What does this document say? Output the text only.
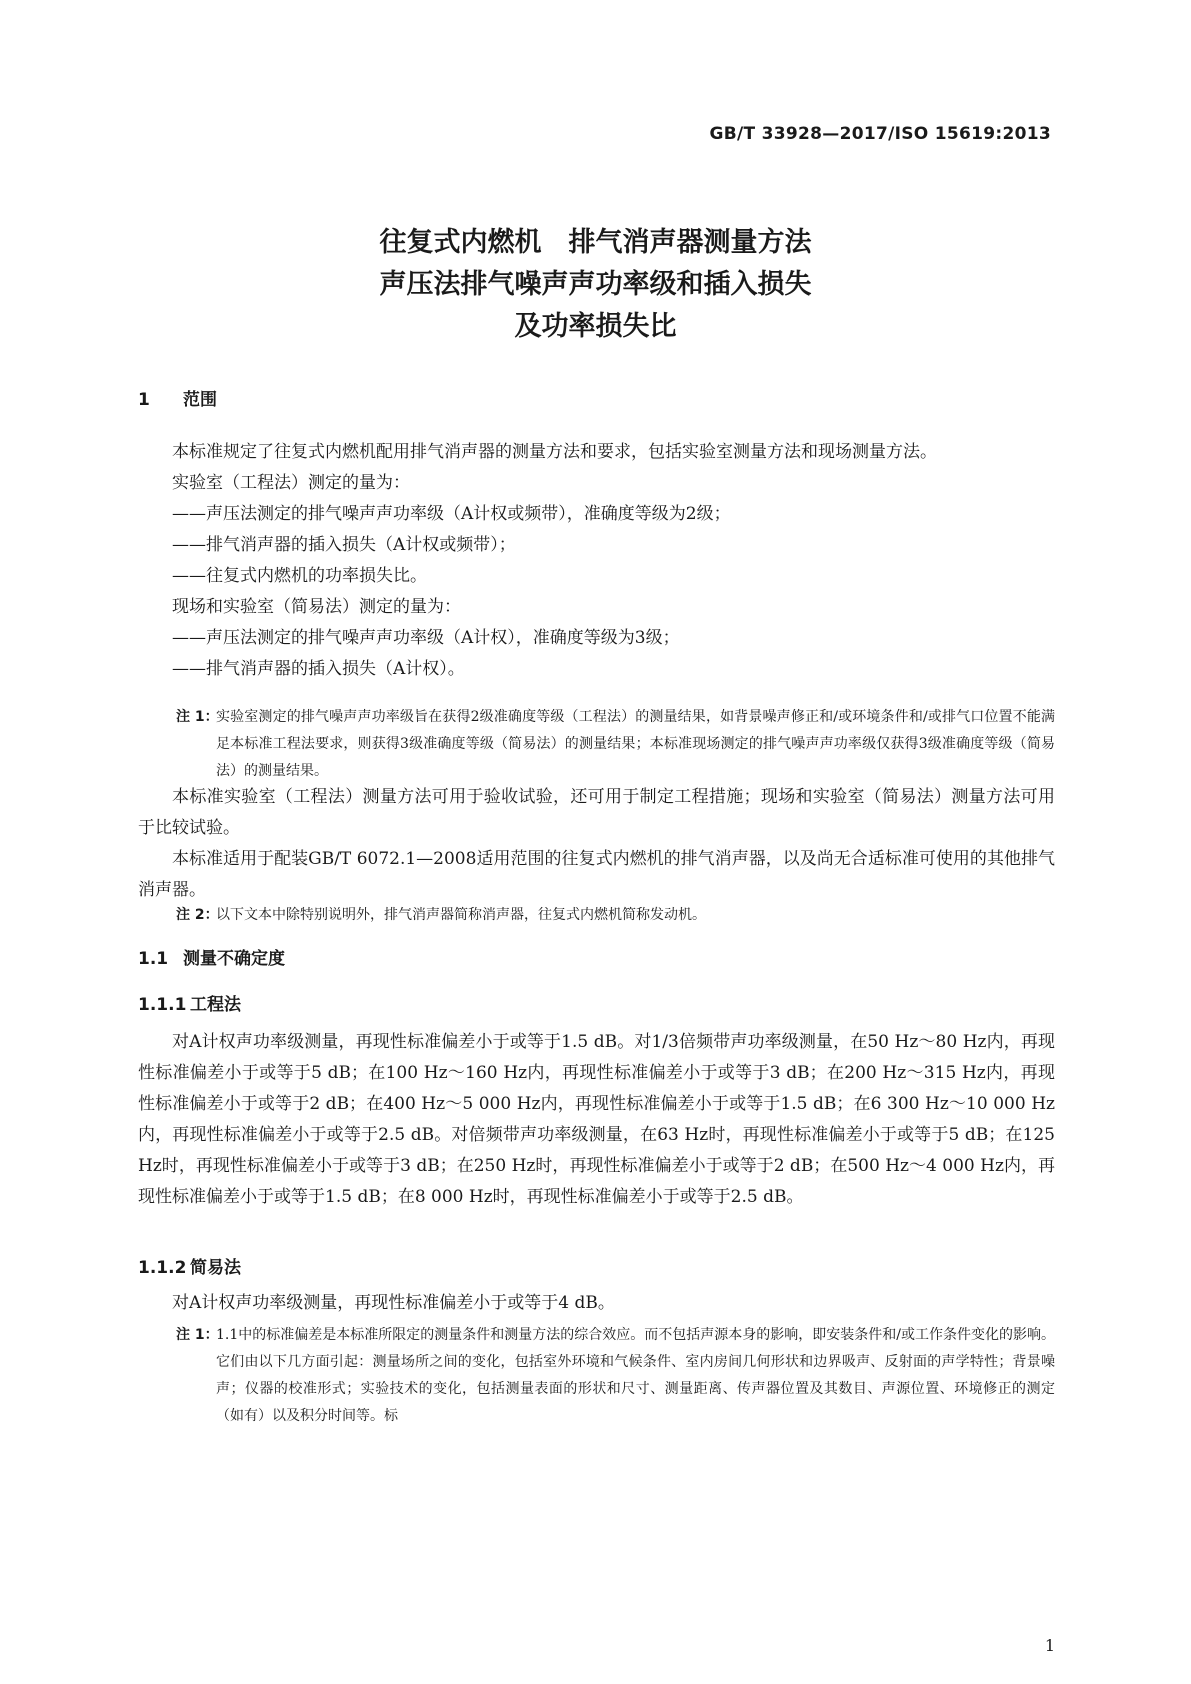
GB/T 33928—2017/ISO 15619:2013
往复式内燃机　排气消声器测量方法
声压法排气噪声声功率级和插入损失
及功率损失比
1 范围

本标准规定了往复式内燃机配用排气消声器的测量方法和要求，包括实验室测量方法和现场测量方法。

实验室（工程法）测定的量为：

——声压法测定的排气噪声声功率级（A计权或频带），准确度等级为2级；

——排气消声器的插入损失（A计权或频带）；

——往复式内燃机的功率损失比。

现场和实验室（简易法）测定的量为：

——声压法测定的排气噪声声功率级（A计权），准确度等级为3级；

——排气消声器的插入损失（A计权）。

注 1：
实验室测定的排气噪声声功率级旨在获得2级准确度等级（工程法）的测量结果，如背景噪声修正和/或环境条件和/或排气口位置不能满足本标准工程法要求，则获得3级准确度等级（简易法）的测量结果；本标准现场测定的排气噪声声功率级仅获得3级准确度等级（简易法）的测量结果。

本标准实验室（工程法）测量方法可用于验收试验，还可用于制定工程措施；现场和实验室（简易法）测量方法可用于比较试验。

本标准适用于配装GB/T 6072.1—2008适用范围的往复式内燃机的排气消声器，以及尚无合适标准可使用的其他排气消声器。

注 2：
以下文本中除特别说明外，排气消声器简称消声器，往复式内燃机简称发动机。
1.1 测量不确定度
1.1.1 工程法

对A计权声功率级测量，再现性标准偏差小于或等于1.5 dB。对1/3倍频带声功率级测量，在50 Hz～80 Hz内，再现性标准偏差小于或等于5 dB；在100 Hz～160 Hz内，再现性标准偏差小于或等于3 dB；在200 Hz～315 Hz内，再现性标准偏差小于或等于2 dB；在400 Hz～5 000 Hz内，再现性标准偏差小于或等于1.5 dB；在6 300 Hz～10 000 Hz内，再现性标准偏差小于或等于2.5 dB。对倍频带声功率级测量，在63 Hz时，再现性标准偏差小于或等于5 dB；在125 Hz时，再现性标准偏差小于或等于3 dB；在250 Hz时，再现性标准偏差小于或等于2 dB；在500 Hz～4 000 Hz内，再现性标准偏差小于或等于1.5 dB；在8 000 Hz时，再现性标准偏差小于或等于2.5 dB。

1.1.2 简易法

对A计权声功率级测量，再现性标准偏差小于或等于4 dB。

注 1：
1.1中的标准偏差是本标准所限定的测量条件和测量方法的综合效应。而不包括声源本身的影响，即安装条件和/或工作条件变化的影响。它们由以下几方面引起：测量场所之间的变化，包括室外环境和气候条件、室内房间几何形状和边界吸声、反射面的声学特性；背景噪声；仪器的校准形式；实验技术的变化，包括测量表面的形状和尺寸、测量距离、传声器位置及其数目、声源位置、环境修正的测定（如有）以及积分时间等。标
1
